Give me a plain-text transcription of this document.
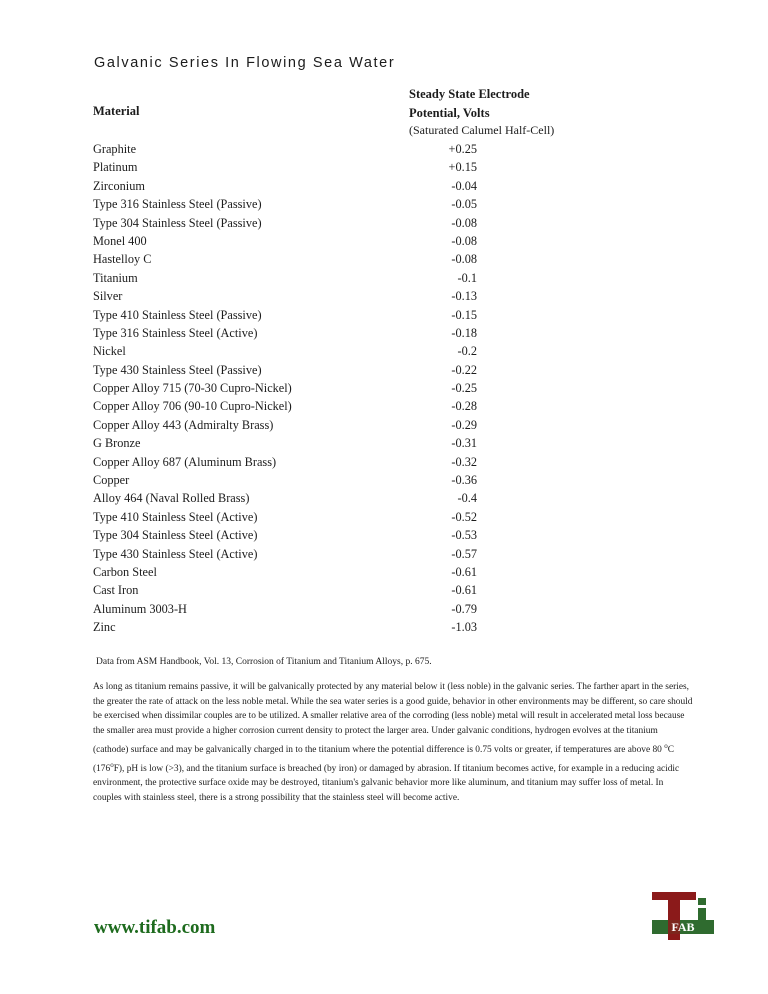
Galvanic Series In Flowing Sea Water
Material
Steady State Electrode
Potential, Volts
(Saturated Calumel Half-Cell)
Graphite	+0.25
Platinum	+0.15
Zirconium	-0.04
Type 316 Stainless Steel (Passive)	-0.05
Type 304 Stainless Steel (Passive)	-0.08
Monel 400	-0.08
Hastelloy C	-0.08
Titanium	-0.1
Silver	-0.13
Type 410 Stainless Steel (Passive)	-0.15
Type 316 Stainless Steel (Active)	-0.18
Nickel	-0.2
Type 430 Stainless Steel (Passive)	-0.22
Copper Alloy 715 (70-30 Cupro-Nickel)	-0.25
Copper Alloy 706 (90-10 Cupro-Nickel)	-0.28
Copper Alloy 443 (Admiralty Brass)	-0.29
G Bronze	-0.31
Copper Alloy 687 (Aluminum Brass)	-0.32
Copper	-0.36
Alloy 464 (Naval Rolled Brass)	-0.4
Type 410 Stainless Steel (Active)	-0.52
Type 304 Stainless Steel (Active)	-0.53
Type 430 Stainless Steel (Active)	-0.57
Carbon Steel	-0.61
Cast Iron	-0.61
Aluminum 3003-H	-0.79
Zinc	-1.03
Data from ASM Handbook, Vol. 13, Corrosion of Titanium and Titanium Alloys, p. 675.
As long as titanium remains passive, it will be galvanically protected by any material below it (less noble) in the galvanic series. The farther apart in the series, the greater the rate of attack on the less noble metal. While the sea water series is a good guide, behavior in other environments may be different, so care should be exercised when dissimilar couples are to be utilized. A smaller relative area of the corroding (less noble) metal will result in accelerated metal loss because the smaller area must provide a higher corrosion current density to protect the larger area. Under galvanic conditions, hydrogen evolves at the titanium (cathode) surface and may be galvanically charged in to the titanium where the potential difference is 0.75 volts or greater, if temperatures are above 80 $^o$C (176$^o$F), pH is low (>3), and the titanium surface is breached (by iron) or damaged by abrasion. If titanium becomes active, for example in a reducing acidic environment, the protective surface oxide may be destroyed, titanium's galvanic behavior more like aluminum, and titanium may suffer loss of metal. In couples with stainless steel, there is a strong possibility that the stainless steel will become active.
www.tifab.com	FAB
